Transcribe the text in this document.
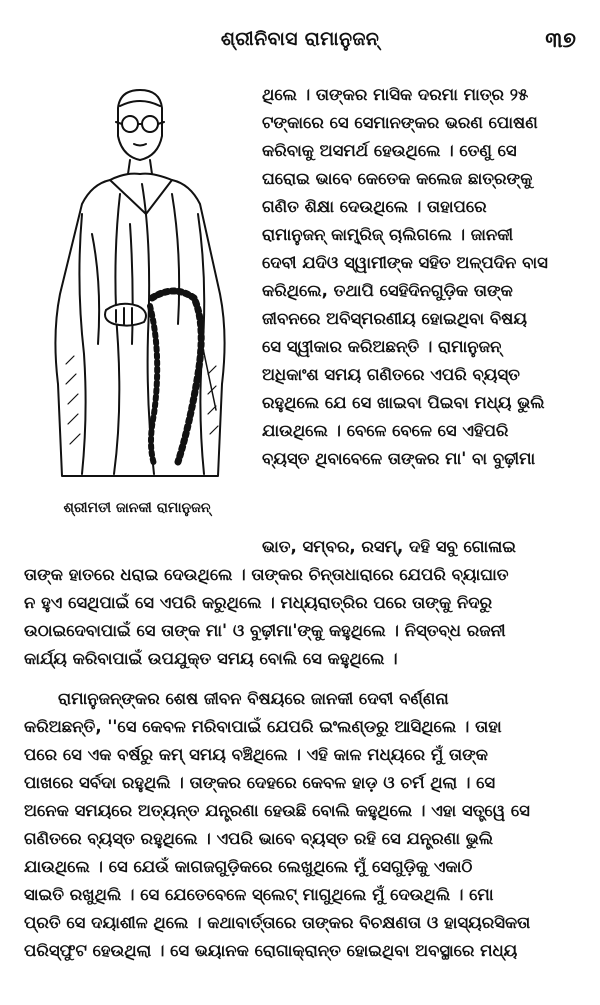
ଶ୍ରୀନିବାସ ରାମାନୁଜନ୍	୩୭
ଶ୍ରୀମତୀ ଜାନକୀ ରାମାନୁଜନ୍

ଥିଲେ । ତାଙ୍କର ମାସିକ ଦରମା ମାତ୍ର ୨୫

ଟଙ୍କାରେ ସେ ସେମାନଙ୍କର ଭରଣ ପୋଷଣ

କରିବାକୁ ଅସମର୍ଥ ହେଉଥିଲେ । ତେଣୁ ସେ

ଘରୋଇ ଭାବେ କେତେକ କଲେଜ ଛାତ୍ରଙ୍କୁ

ଗଣିତ ଶିକ୍ଷା ଦେଉଥିଲେ । ତାହାପରେ

ରାମାନୁଜନ୍ କାମ୍ବ୍ରିଜ୍ ଚାଲିଗଲେ । ଜାନକୀ

ଦେବୀ ଯଦିଓ ସ୍ୱାମୀଙ୍କ ସହିତ ଅଳ୍ପଦିନ ବାସ

କରିଥିଲେ, ତଥାପି ସେହିଦିନଗୁଡ଼ିକ ତାଙ୍କ

ଜୀବନରେ ଅବିସ୍ମରଣୀୟ ହୋଇଥିବା ବିଷୟ

ସେ ସ୍ୱୀକାର କରିଅଛନ୍ତି । ରାମାନୁଜନ୍

ଅଧିକାଂଶ ସମୟ ଗଣିତରେ ଏପରି ବ୍ୟସ୍ତ

ରହୁଥିଲେ ଯେ ସେ ଖାଇବା ପିଇବା ମଧ୍ୟ ଭୁଲି

ଯାଉଥିଲେ । ବେଳେ ବେଳେ ସେ ଏହିପରି

ବ୍ୟସ୍ତ ଥିବାବେଳେ ତାଙ୍କର ମା' ବା ବୁଢ଼ୀମା

ଭାତ, ସମ୍ବର, ରସମ୍, ଦହି ସବୁ ଗୋଳାଇ

ତାଙ୍କ ହାତରେ ଧରାଇ ଦେଉଥିଲେ । ତାଙ୍କର ଚିନ୍ତାଧାରାରେ ଯେପରି ବ୍ୟାଘାତ

ନ ହୁଏ ସେଥିପାଇଁ ସେ ଏପରି କରୁଥିଲେ । ମଧ୍ୟରାତ୍ରିର ପରେ ତାଙ୍କୁ ନିଦରୁ

ଉଠାଇଦେବାପାଇଁ ସେ ତାଙ୍କ ମା' ଓ ବୁଢ଼ୀମା'ଙ୍କୁ କହୁଥିଲେ । ନିସ୍ତବ୍ଧ ରଜନୀ

କାର୍ଯ୍ୟ କରିବାପାଇଁ ଉପଯୁକ୍ତ ସମୟ ବୋଲି ସେ କହୁଥିଲେ ।

ରାମାନୁଜନ୍‌ଙ୍କର ଶେଷ ଜୀବନ ବିଷୟରେ ଜାନକୀ ଦେବୀ ବର୍ଣ୍ଣନା

କରିଅଛନ୍ତି, ''ସେ କେବଳ ମରିବାପାଇଁ ଯେପରି ଇଂଲଣ୍ଡରୁ ଆସିଥିଲେ । ତାହା

ପରେ ସେ ଏକ ବର୍ଷରୁ କମ୍ ସମୟ ବଞ୍ଚିଥିଲେ । ଏହି କାଳ ମଧ୍ୟରେ ମୁଁ ତାଙ୍କ

ପାଖରେ ସର୍ବଦା ରହୁଥିଲି । ତାଙ୍କର ଦେହରେ କେବଳ ହାଡ଼ ଓ ଚର୍ମ ଥିଲା । ସେ

ଅନେକ ସମୟରେ ଅତ୍ୟନ୍ତ ଯନ୍ତ୍ରଣା ହେଉଛି ବୋଲି କହୁଥିଲେ । ଏହା ସତ୍ତ୍ୱେ ସେ

ଗଣିତରେ ବ୍ୟସ୍ତ ରହୁଥିଲେ । ଏପରି ଭାବେ ବ୍ୟସ୍ତ ରହି ସେ ଯନ୍ତ୍ରଣା ଭୁଲି

ଯାଉଥିଲେ । ସେ ଯେଉଁ କାଗଜଗୁଡ଼ିକରେ ଲେଖୁଥିଲେ ମୁଁ ସେଗୁଡ଼ିକୁ ଏକାଠି

ସାଇତି ରଖୁଥିଲି । ସେ ଯେତେବେଳେ ସ୍ଲେଟ୍ ମାଗୁଥିଲେ ମୁଁ ଦେଉଥିଲି । ମୋ

ପ୍ରତି ସେ ଦୟାଶୀଳ ଥିଲେ । କଥାବାର୍ତ୍ତାରେ ତାଙ୍କର ବିଚକ୍ଷଣତା ଓ ହାସ୍ୟରସିକତା

ପରିସ୍ଫୁଟ ହେଉଥିଲା । ସେ ଭୟାନକ ରୋଗାକ୍ରାନ୍ତ ହୋଇଥିବା ଅବସ୍ଥାରେ ମଧ୍ୟ
